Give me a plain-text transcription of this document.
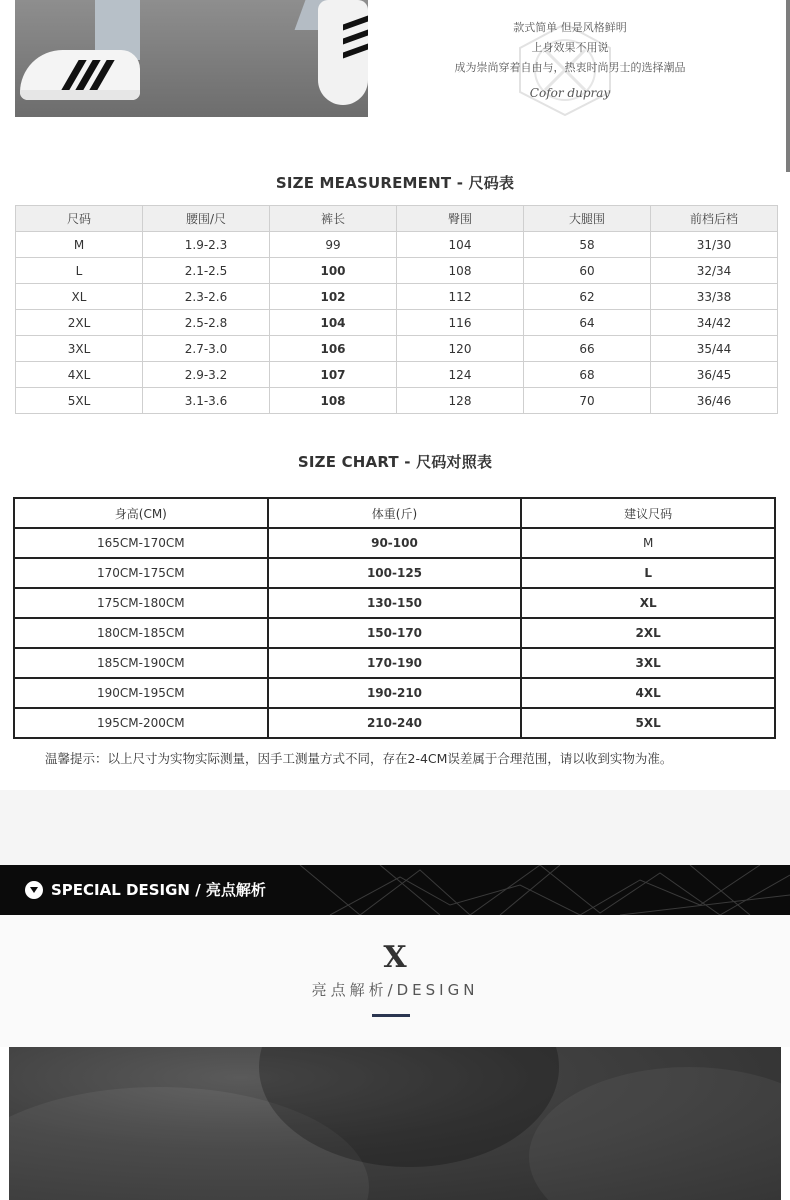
款式简单 但是风格鲜明
上身效果不用说
成为崇尚穿着自由与，热衷时尚男士的选择潮品
Cofor dupray
SIZE MEASUREMENT - 尺码表
尺码	腰围/尺	裤长	臀围	大腿围	前档后档
M	1.9-2.3	99	104	58	31/30
L	2.1-2.5	100	108	60	32/34
XL	2.3-2.6	102	112	62	33/38
2XL	2.5-2.8	104	116	64	34/42
3XL	2.7-3.0	106	120	66	35/44
4XL	2.9-3.2	107	124	68	36/45
5XL	3.1-3.6	108	128	70	36/46
SIZE CHART - 尺码对照表
身高(CM)	体重(斤)	建议尺码
165CM-170CM	90-100	M
170CM-175CM	100-125	L
175CM-180CM	130-150	XL
180CM-185CM	150-170	2XL
185CM-190CM	170-190	3XL
190CM-195CM	190-210	4XL
195CM-200CM	210-240	5XL
温馨提示：以上尺寸为实物实际测量，因手工测量方式不同，存在2-4CM误差属于合理范围，请以收到实物为准。
SPECIAL DESIGN / 亮点解析
X
亮点解析/DESIGN
